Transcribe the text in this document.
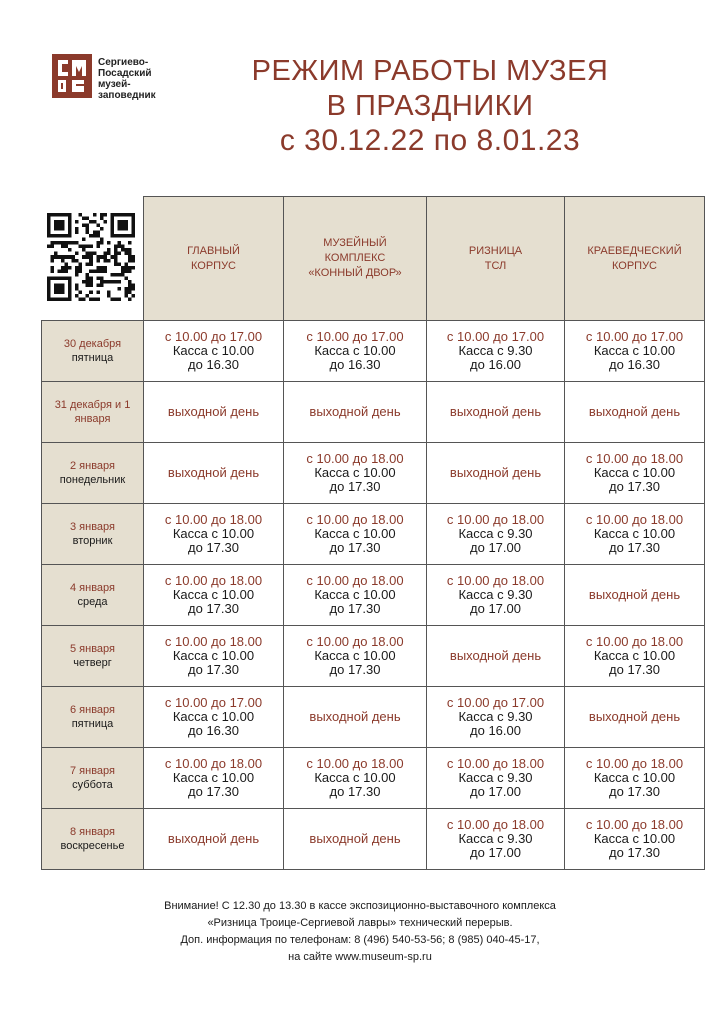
Сергиево-
Посадский
музей-
заповедник
РЕЖИМ РАБОТЫ МУЗЕЯ
В ПРАЗДНИКИ
с 30.12.22 по 8.01.23
	ГЛАВНЫЙ
КОРПУС	МУЗЕЙНЫЙ
КОМПЛЕКС
«КОННЫЙ ДВОР»	РИЗНИЦА
ТСЛ	КРАЕВЕДЧЕСКИЙ
КОРПУС

30 декабря
пятница	с 10.00 до 17.00
Касса с 10.00
до 16.30	с 10.00 до 17.00
Касса с 10.00
до 16.30	с 10.00 до 17.00
Касса с 9.30
до 16.00	с 10.00 до 17.00
Касса с 10.00
до 16.30

31 декабря и 1 января	выходной день	выходной день	выходной день	выходной день

2 января
понедельник	выходной день	с 10.00 до 18.00
Касса с 10.00
до 17.30	выходной день	с 10.00 до 18.00
Касса с 10.00
до 17.30

3 января
вторник	с 10.00 до 18.00
Касса с 10.00
до 17.30	с 10.00 до 18.00
Касса с 10.00
до 17.30	с 10.00 до 18.00
Касса с 9.30
до 17.00	с 10.00 до 18.00
Касса с 10.00
до 17.30

4 января
среда	с 10.00 до 18.00
Касса с 10.00
до 17.30	с 10.00 до 18.00
Касса с 10.00
до 17.30	с 10.00 до 18.00
Касса с 9.30
до 17.00	выходной день

5 января
четверг	с 10.00 до 18.00
Касса с 10.00
до 17.30	с 10.00 до 18.00
Касса с 10.00
до 17.30	выходной день	с 10.00 до 18.00
Касса с 10.00
до 17.30

6 января
пятница	с 10.00 до 17.00
Касса с 10.00
до 16.30	выходной день	с 10.00 до 17.00
Касса с 9.30
до 16.00	выходной день

7 января
суббота	с 10.00 до 18.00
Касса с 10.00
до 17.30	с 10.00 до 18.00
Касса с 10.00
до 17.30	с 10.00 до 18.00
Касса с 9.30
до 17.00	с 10.00 до 18.00
Касса с 10.00
до 17.30

8 января
воскресенье	выходной день	выходной день	с 10.00 до 18.00
Касса с 9.30
до 17.00	с 10.00 до 18.00
Касса с 10.00
до 17.30
Внимание! С 12.30 до 13.30 в кассе экспозиционно-выставочного комплекса
«Ризница Троице-Сергиевой лавры» технический перерыв.
Доп. информация по телефонам: 8 (496) 540-53-56; 8 (985) 040-45-17,
на сайте www.museum-sp.ru
